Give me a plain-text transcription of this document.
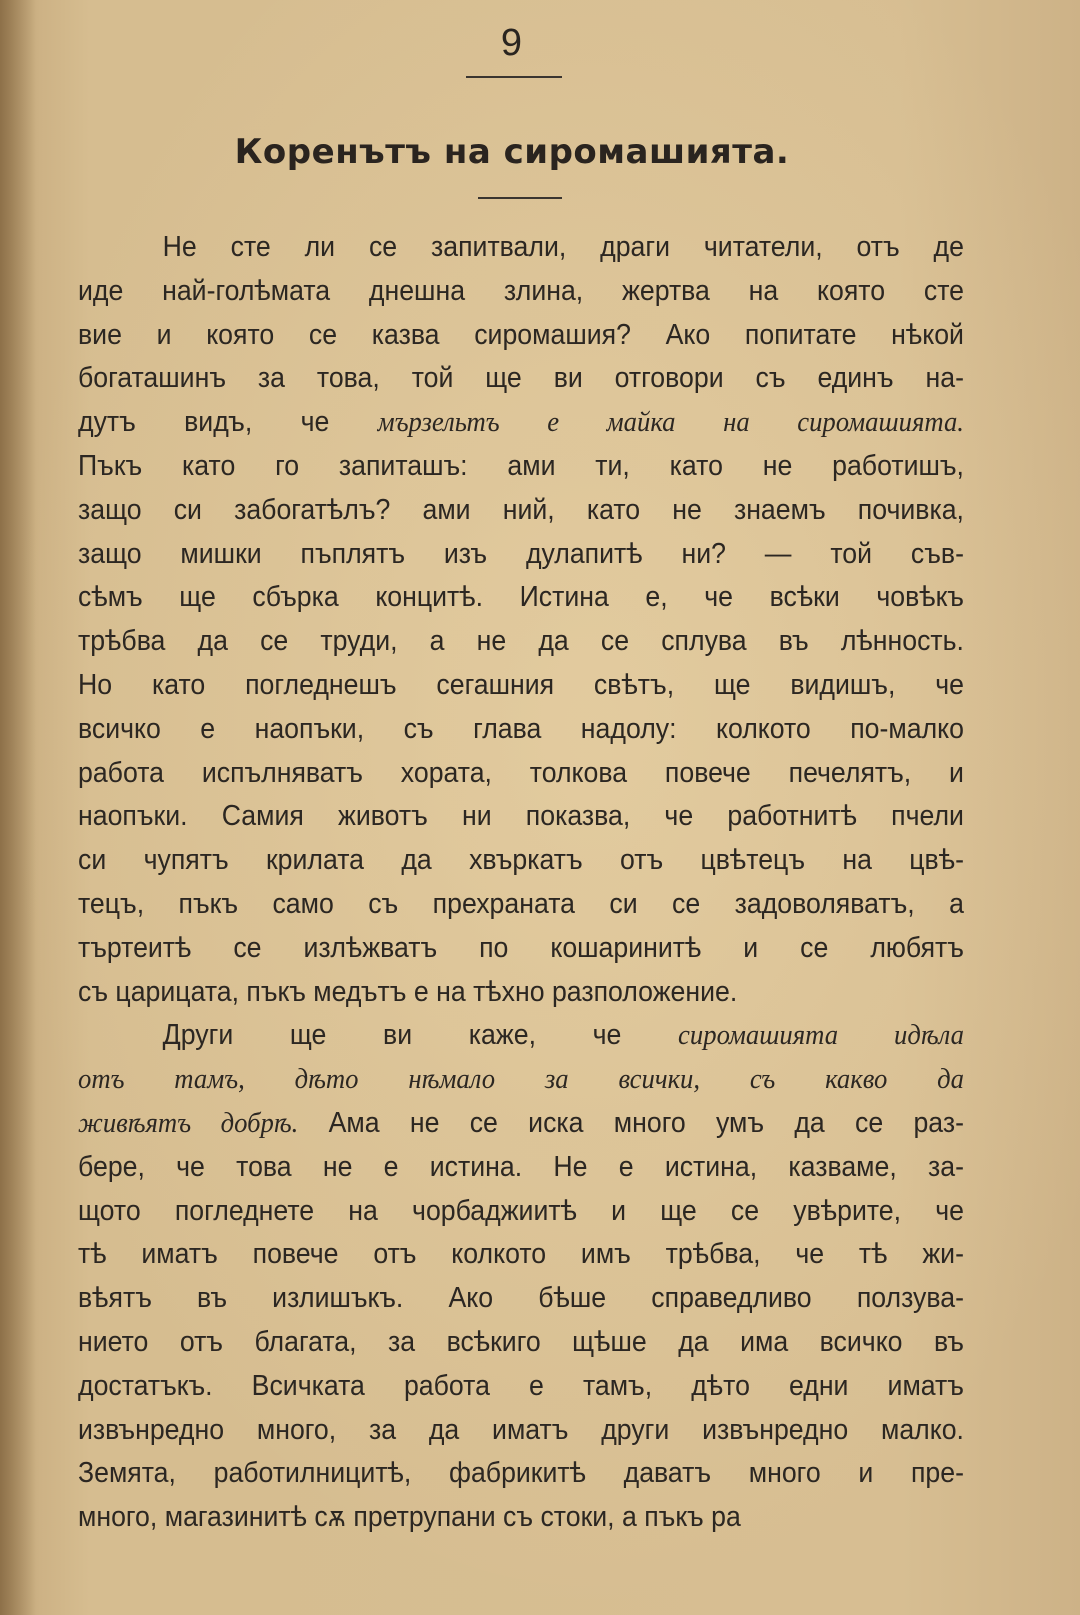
9
Коренътъ на сиромашията.
Не сте ли се запитвали, драги читатели, отъ де
иде най-голѣмата днешна злина, жертва на която сте
вие и която се казва сиромашия? Ако попитате нѣкой
богаташинъ за това, той ще ви отговори съ единъ на-
дутъ видъ, че мързельтъ е майка на сиромашията.
Пъкъ като го запиташъ: ами ти, като не работишъ,
защо си забогатѣлъ? ами ний, като не знаемъ почивка,
защо мишки пъплятъ изъ дулапитѣ ни? — той съв-
сѣмъ ще сбърка концитѣ. Истина е, че всѣки човѣкъ
трѣбва да се труди, а не да се сплува въ лѣнность.
Но като погледнешъ сегашния свѣтъ, ще видишъ, че
всичко е наопъки, съ глава надолу: колкото по-малко
работа испълняватъ хората, толкова повече печелятъ, и
наопъки. Самия животъ ни показва, че работнитѣ пчели
си чупятъ крилата да хвъркатъ отъ цвѣтецъ на цвѣ-
тецъ, пъкъ само съ прехраната си се задоволяватъ, а
търтеитѣ се излѣжватъ по кошаринитѣ и се любятъ
съ царицата, пъкъ медътъ е на тѣхно разположение.
Други ще ви каже, че сиромашията идѣла
отъ тамъ, дѣто нѣмало за всички, съ какво да
живѣятъ добрѣ. Ама не се иска много умъ да се раз-
бере, че това не е истина. Не е истина, казваме, за-
щото погледнете на чорбаджиитѣ и ще се увѣрите, че
тѣ иматъ повече отъ колкото имъ трѣбва, че тѣ жи-
вѣятъ въ излишъкъ. Ако бѣше справедливо ползува-
нието отъ благата, за всѣкиго щѣше да има всичко въ
достатъкъ. Всичката работа е тамъ, дѣто едни иматъ
извънредно много, за да иматъ други извънредно малко.
Земята, работилницитѣ, фабрикитѣ даватъ много и пре-
много, магазинитѣ сѫ претрупани съ стоки, а пъкъ ра
